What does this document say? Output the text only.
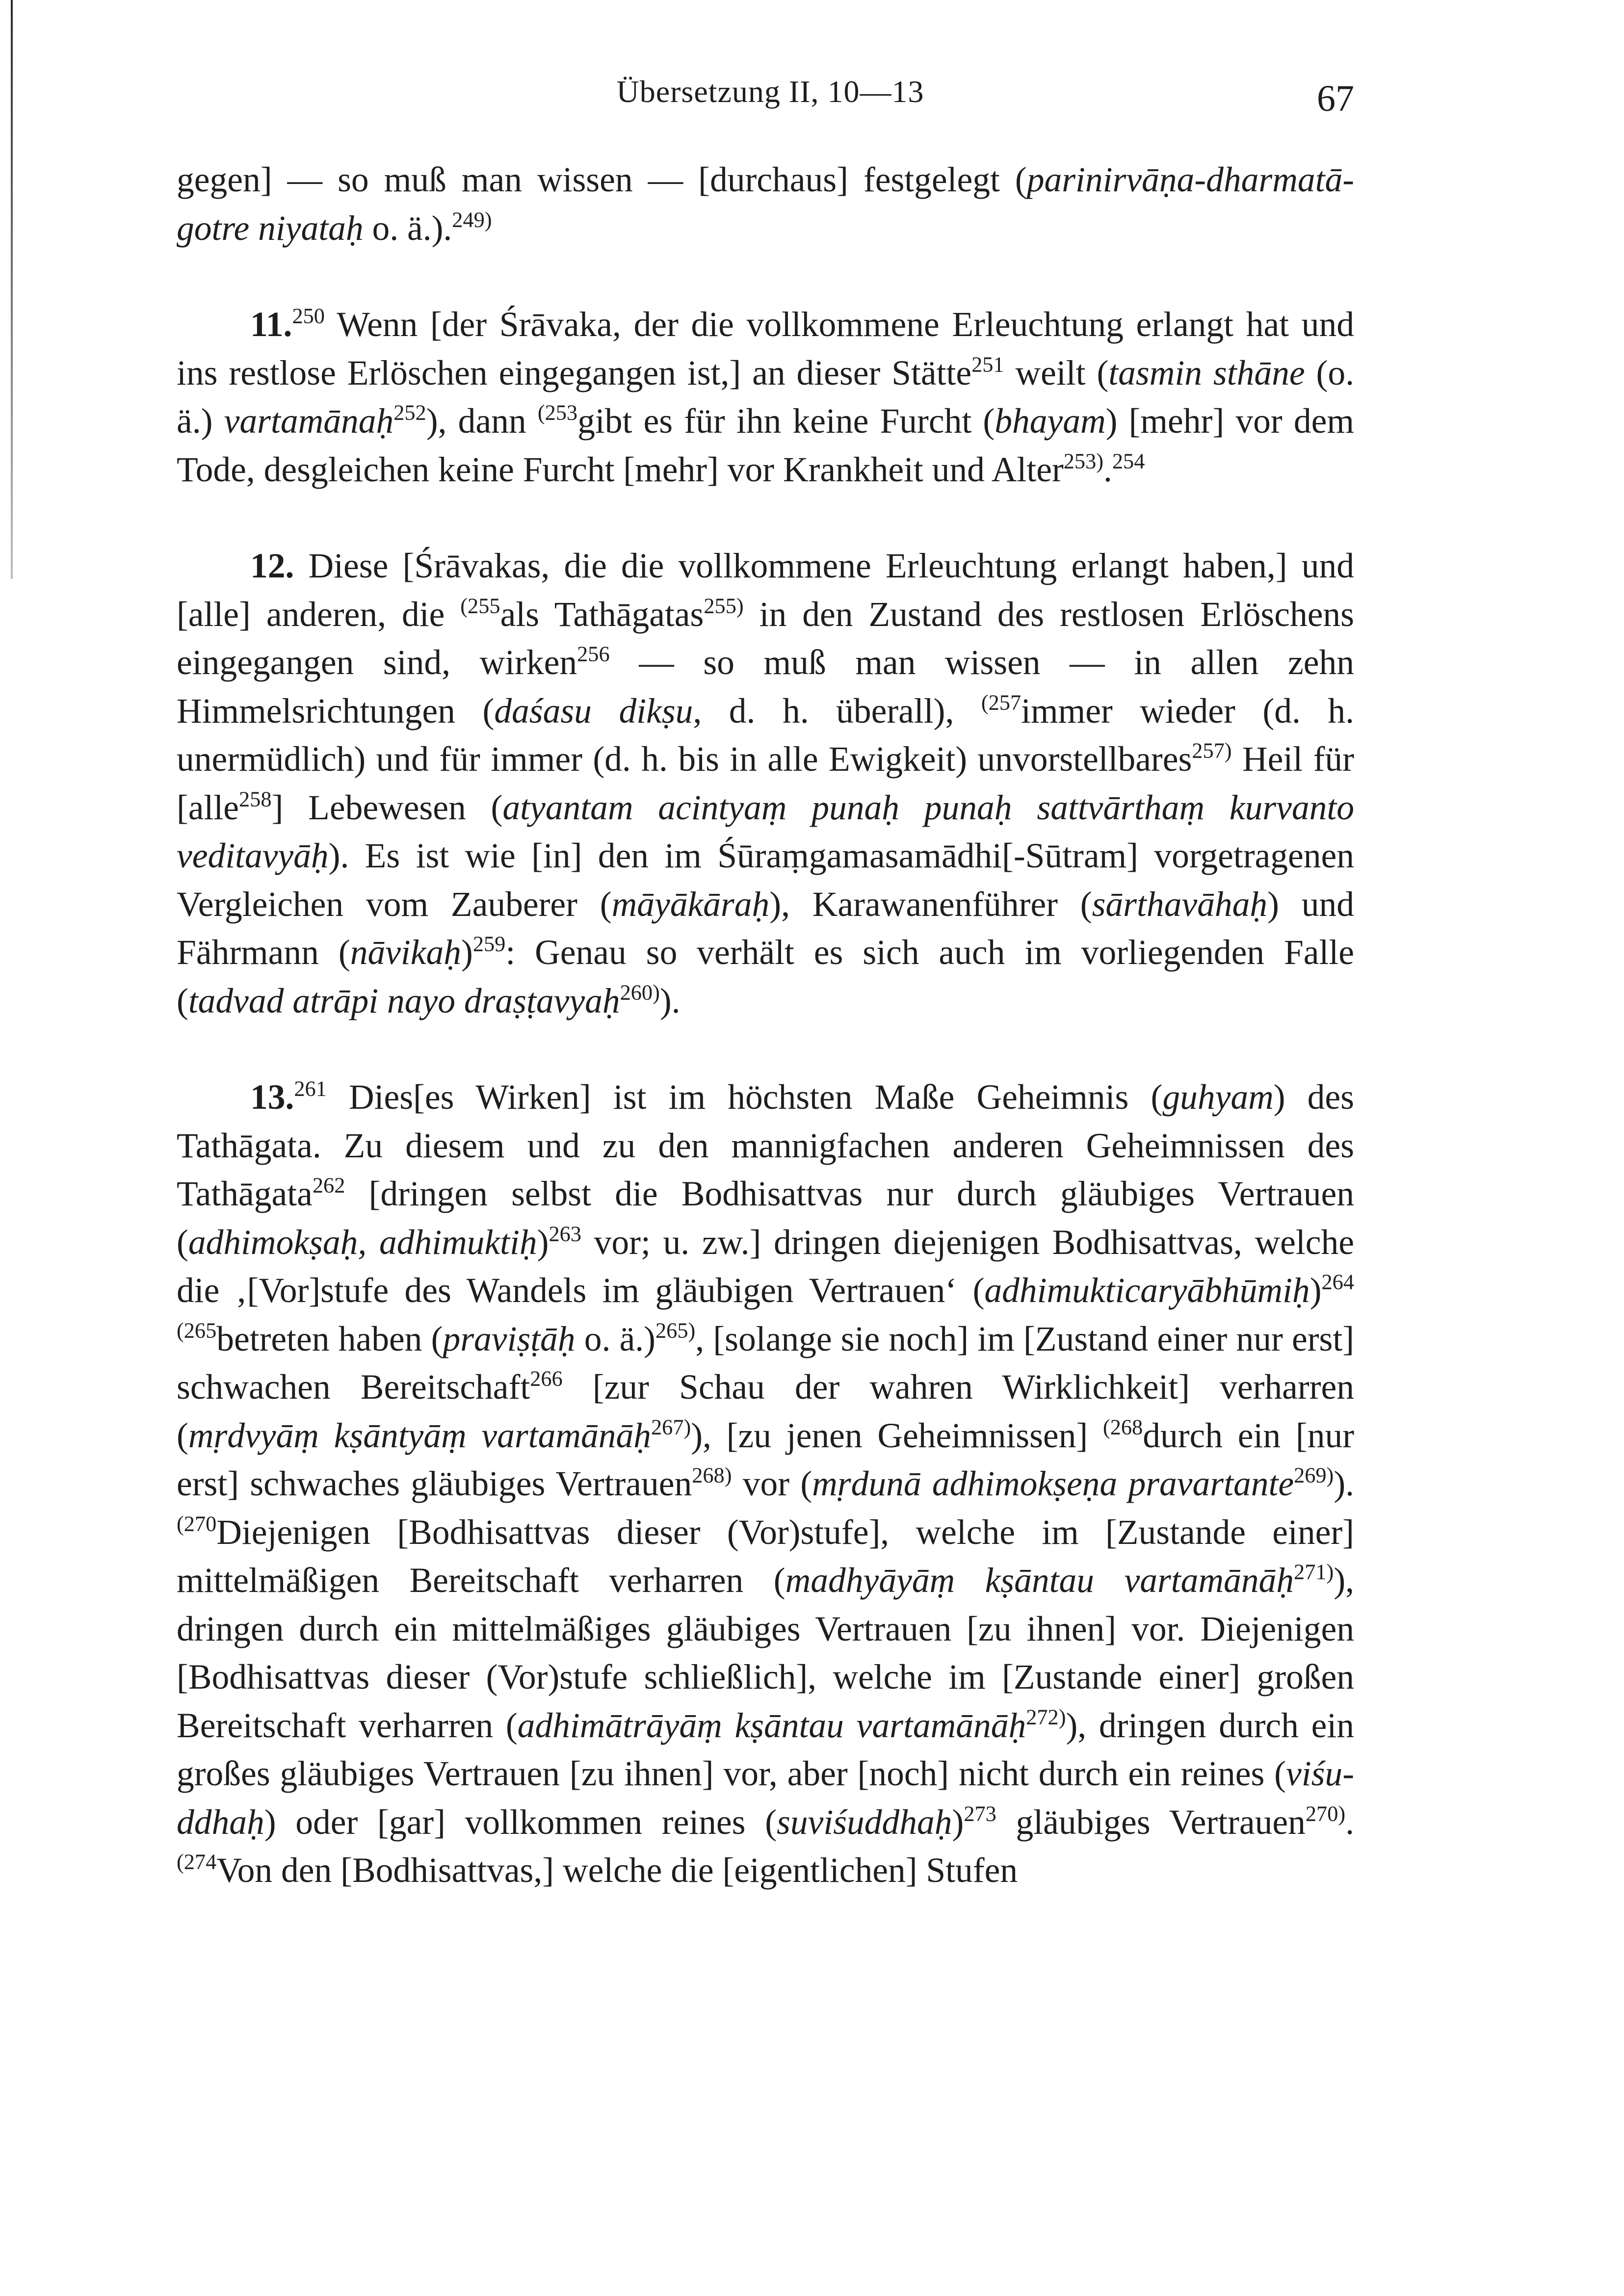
Übersetzung II, 10—13	67

gegen] — so muß man wissen — [durchaus] festgelegt (parinirvāṇa-dharmatā-gotre niyataḥ o. ä.).$^{249)}$

11.$^{250}$ Wenn [der Śrāvaka, der die vollkommene Erleuchtung erlangt hat und ins restlose Erlöschen eingegangen ist,] an dieser Stätte$^{251}$ weilt (tasmin sthāne (o. ä.) vartamānaḥ$^{252}$), dann $^{(253}$gibt es für ihn keine Furcht (bhayam) [mehr] vor dem Tode, desgleichen keine Furcht [mehr] vor Krankheit und Alter$^{253)}$.$^{254}$

12. Diese [Śrāvakas, die die vollkommene Erleuchtung erlangt haben,] und [alle] anderen, die $^{(255}$als Tathāgatas$^{255)}$ in den Zustand des restlosen Erlöschens eingegangen sind, wirken$^{256}$ — so muß man wissen — in allen zehn Himmelsrichtungen (daśasu dikṣu, d. h. überall), $^{(257}$immer wieder (d. h. unermüdlich) und für immer (d. h. bis in alle Ewigkeit) unvorstellbares$^{257)}$ Heil für [alle$^{258}$] Lebewesen (atyantam acintyaṃ punaḥ punaḥ sattvārthaṃ kurvanto veditavyāḥ). Es ist wie [in] den im Śūraṃgamasamādhi[-Sūtram] vorgetragenen Vergleichen vom Zauberer (māyākāraḥ), Karawanenführer (sārthavāhaḥ) und Fährmann (nāvikaḥ)$^{259}$: Genau so verhält es sich auch im vorliegenden Falle (tadvad atrāpi nayo draṣṭavyaḥ$^{260)}$).

13.$^{261}$ Dies[es Wirken] ist im höchsten Maße Geheimnis (guhyam) des Tathāgata. Zu diesem und zu den mannigfachen anderen Geheimnissen des Tathāgata$^{262}$ [dringen selbst die Bodhisattvas nur durch gläubiges Vertrauen (adhimokṣaḥ, adhimuktiḥ)$^{263}$ vor; u. zw.] dringen diejenigen Bodhisattvas, welche die ‚[Vor]stufe des Wandels im gläubigen Vertrauen‘ (adhimukticaryābhūmiḥ)$^{264}$ $^{(265}$betreten haben (praviṣṭāḥ o. ä.)$^{265)}$, [solange sie noch] im [Zustand einer nur erst] schwachen Bereitschaft$^{266}$ [zur Schau der wahren Wirklichkeit] verharren (mṛdvyāṃ kṣāntyāṃ vartamānāḥ$^{267)}$), [zu jenen Geheimnissen] $^{(268}$durch ein [nur erst] schwaches gläubiges Vertrauen$^{268)}$ vor (mṛdunā adhimokṣeṇa pravartante$^{269)}$). $^{(270}$Diejenigen [Bodhisattvas dieser (Vor)stufe], welche im [Zustande einer] mittelmäßigen Bereitschaft verharren (madhyāyāṃ kṣāntau vartamānāḥ$^{271)}$), dringen durch ein mittelmäßiges gläubiges Vertrauen [zu ihnen] vor. Diejenigen [Bodhisattvas dieser (Vor)stufe schließlich], welche im [Zustande einer] großen Bereitschaft verharren (adhimātrāyāṃ kṣāntau vartamānāḥ$^{272)}$), dringen durch ein großes gläubiges Vertrauen [zu ihnen] vor, aber [noch] nicht durch ein reines (viśuddhaḥ) oder [gar] vollkommen reines (suviśuddhaḥ)$^{273}$ gläubiges Vertrauen$^{270)}$. $^{(274}$Von den [Bodhisattvas,] welche die [eigentlichen] Stufen
